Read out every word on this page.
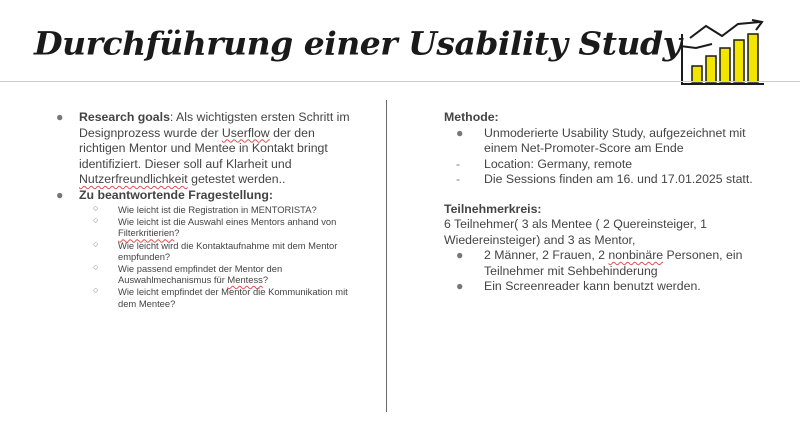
Durchführung einer Usability Study
● Research goals: Als wichtigsten ersten Schritt im Designprozess wurde der Userflow der den richtigen Mentor und Mentee in Kontakt bringt identifiziert. Dieser soll auf Klarheit und Nutzerfreundlichkeit getestet werden..
● Zu beantwortende Fragestellung:
○ Wie leicht ist die Registration in MENTORISTA?
○ Wie leicht ist die Auswahl eines Mentors anhand von Filterkritierien?
○ Wie leicht wird die Kontaktaufnahme mit dem Mentor empfunden?
○ Wie passend empfindet der Mentor den Auswahlmechanismus für Mentess?
○ Wie leicht empfindet der Mentor die Kommunikation mit dem Mentee?
Methode:
● Unmoderierte Usability Study, aufgezeichnet mit einem Net-Promoter-Score am Ende
- Location: Germany, remote
- Die Sessions finden am 16. und 17.01.2025 statt.
Teilnehmerkreis:
6 Teilnehmer( 3 als Mentee ( 2 Quereinsteiger, 1 Wiedereinsteiger) and 3 as Mentor,
● 2 Männer, 2 Frauen, 2 nonbinäre Personen, ein Teilnehmer mit Sehbehinderung
● Ein Screenreader kann benutzt werden.
